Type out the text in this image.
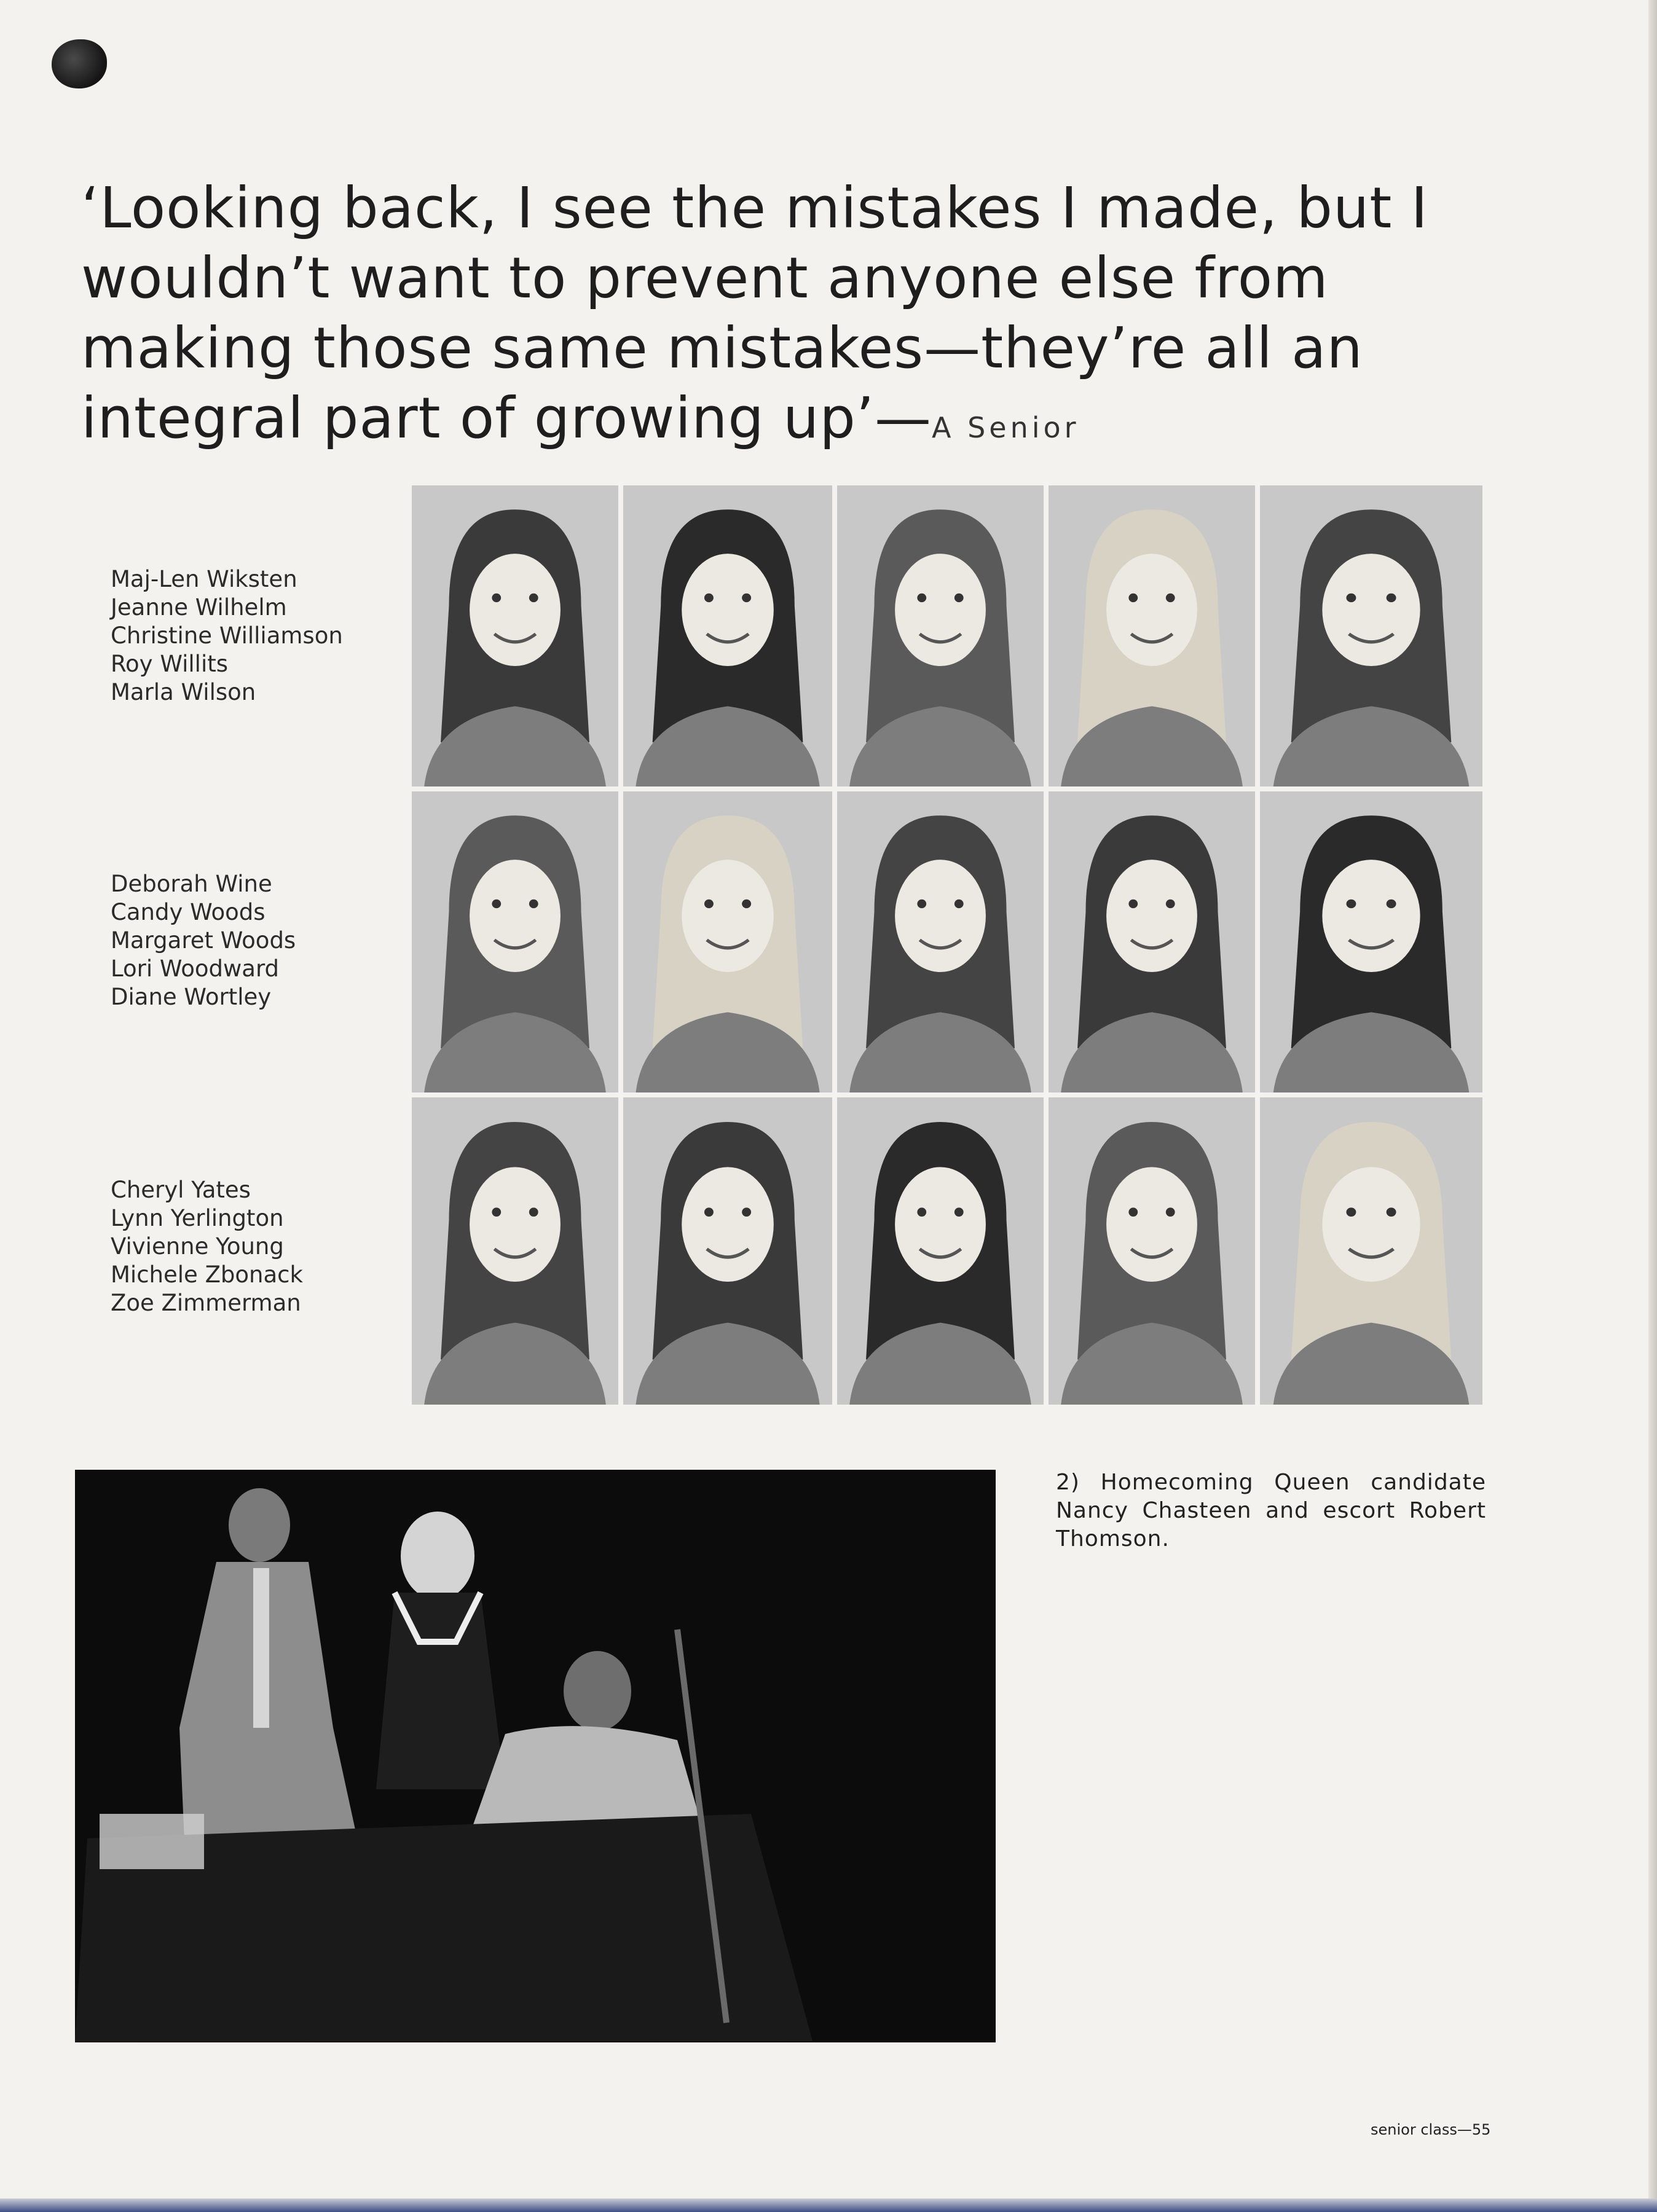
‘Looking back, I see the mistakes I made, but I wouldn’t want to prevent anyone else from making those same mistakes—they’re all an integral part of growing up’—A Senior
Maj-Len Wiksten
Jeanne Wilhelm
Christine Williamson
Roy Willits
Marla Wilson
Deborah Wine
Candy Woods
Margaret Woods
Lori Woodward
Diane Wortley
Cheryl Yates
Lynn Yerlington
Vivienne Young
Michele Zbonack
Zoe Zimmerman
2) Homecoming Queen candidate Nancy Chasteen and escort Robert Thomson.
senior class—55
